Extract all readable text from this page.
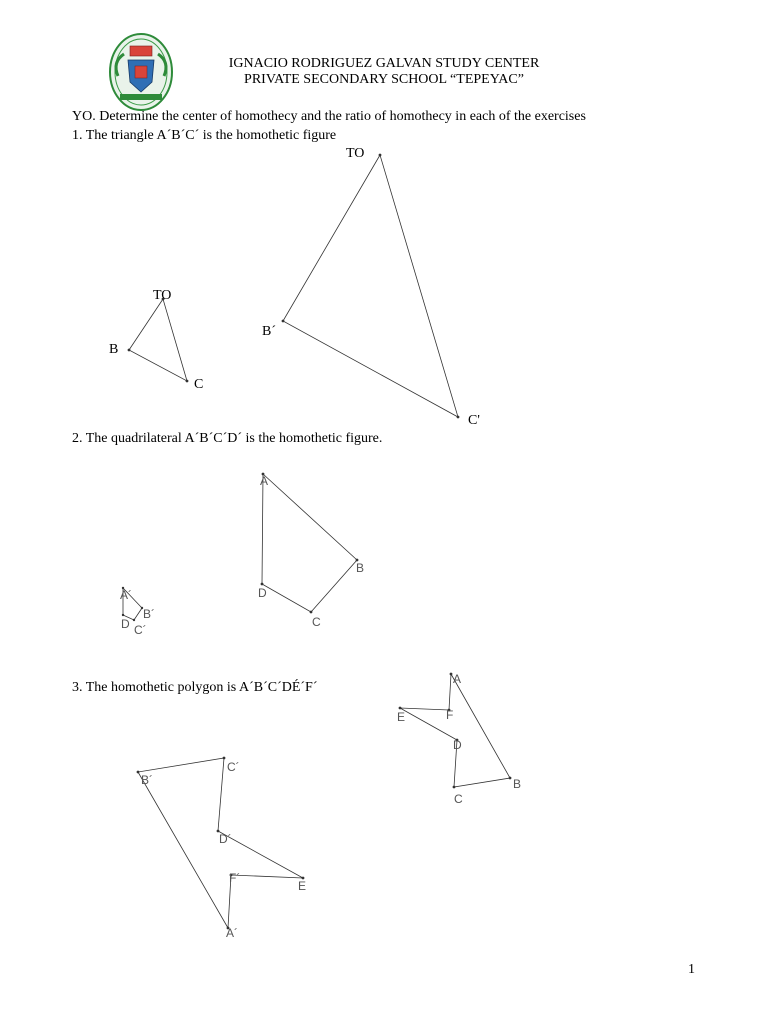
IGNACIO RODRIGUEZ GALVAN STUDY CENTER
PRIVATE SECONDARY SCHOOL “TEPEYAC”
YO. Determine the center of homothecy and the ratio of homothecy in each of the exercises
1. The triangle A´B´C´ is the homothetic figure
TO
B´
C'
TO
B
C
2. The quadrilateral A´B´C´D´ is the homothetic figure.
A
B
C
D
A´
B´
C´
D
3. The homothetic polygon is A´B´C´DÉ´F´
A
B
C
D
E	F
A´
B´
C´
D´
E
F´
1
